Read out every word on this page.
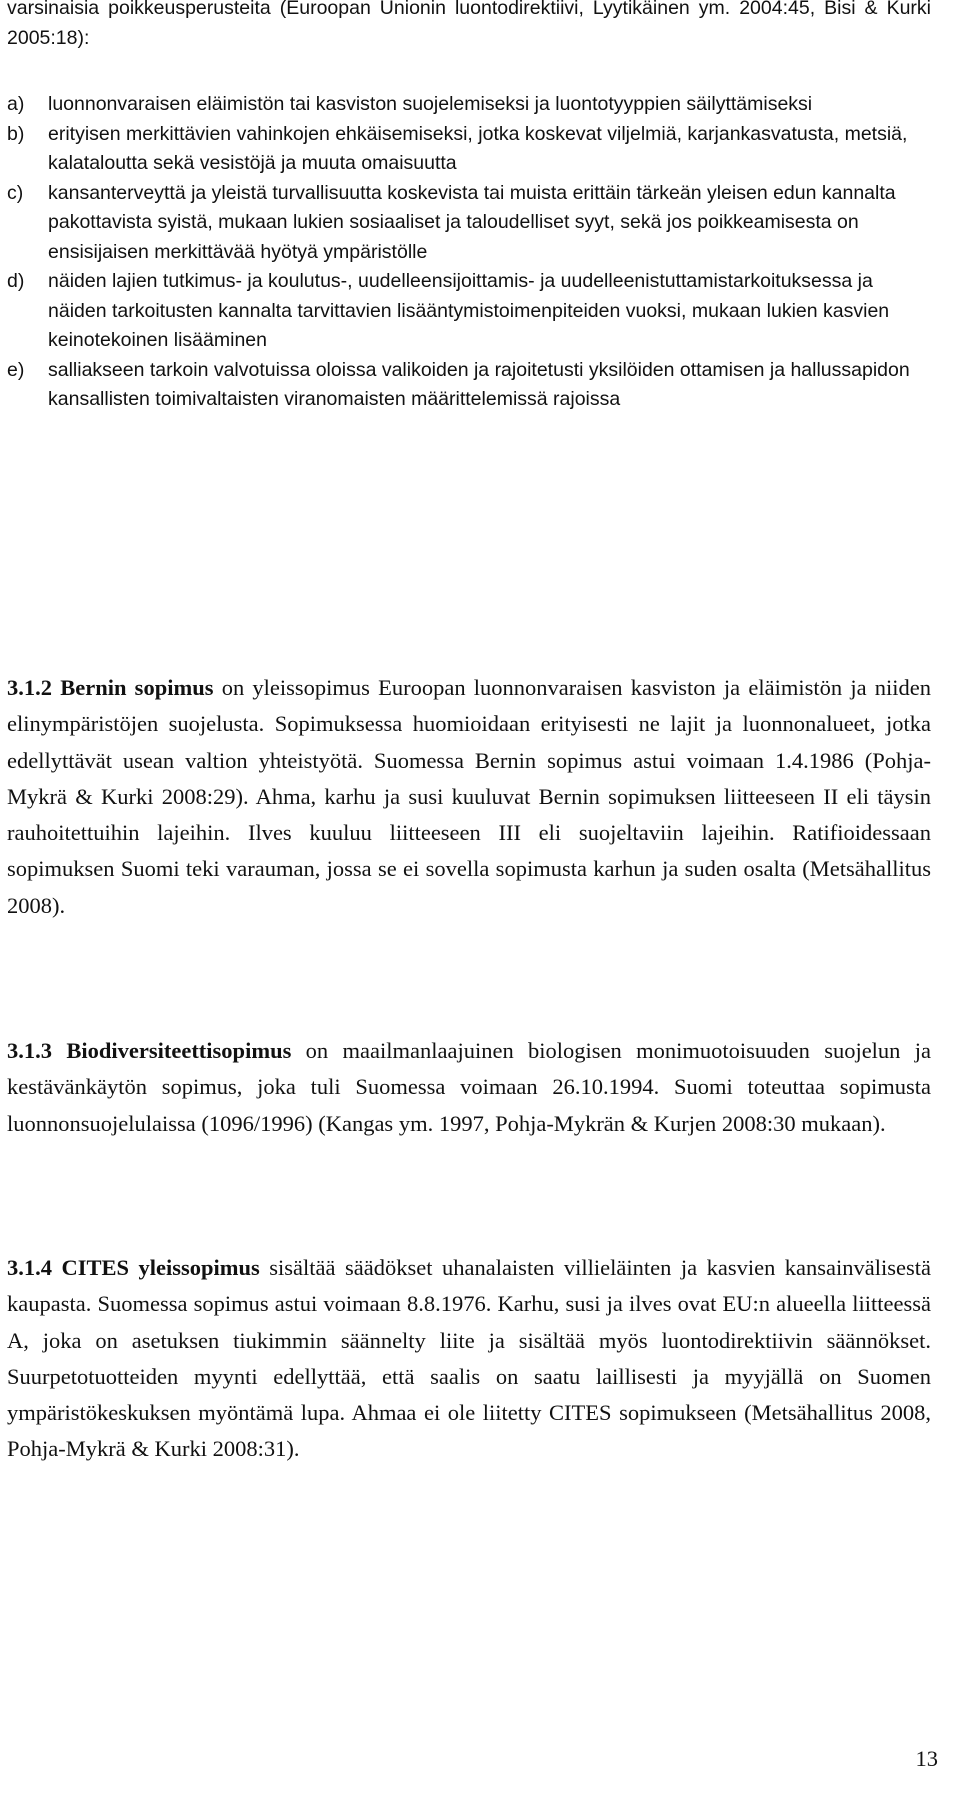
varsinaisia poikkeusperusteita (Euroopan Unionin luontodirektiivi, Lyytikäinen ym. 2004:45, Bisi & Kurki 2005:18):

a)	luonnonvaraisen eläimistön tai kasviston suojelemiseksi ja luontotyyppien säilyttämiseksi
b)	erityisen merkittävien vahinkojen ehkäisemiseksi, jotka koskevat viljelmiä, karjankasvatusta, metsiä, kalataloutta sekä vesistöjä ja muuta omaisuutta
c)	kansanterveyttä ja yleistä turvallisuutta koskevista tai muista erittäin tärkeän yleisen edun kannalta pakottavista syistä, mukaan lukien sosiaaliset ja taloudelliset syyt, sekä jos poikkeamisesta on ensisijaisen merkittävää hyötyä ympäristölle
d)	näiden lajien tutkimus- ja koulutus-, uudelleensijoittamis- ja uudelleenistuttamistarkoituksessa ja näiden tarkoitusten kannalta tarvittavien lisääntymistoimenpiteiden vuoksi, mukaan lukien kasvien keinotekoinen lisääminen
e)	salliakseen tarkoin valvotuissa oloissa valikoiden ja rajoitetusti yksilöiden ottamisen ja hallussapidon kansallisten toimivaltaisten viranomaisten määrittelemissä rajoissa

3.1.2 Bernin sopimus on yleissopimus Euroopan luonnonvaraisen kasviston ja eläimistön ja niiden elinympäristöjen suojelusta. Sopimuksessa huomioidaan erityisesti ne lajit ja luonnonalueet, jotka edellyttävät usean valtion yhteistyötä. Suomessa Bernin sopimus astui voimaan 1.4.1986 (Pohja-Mykrä & Kurki 2008:29). Ahma, karhu ja susi kuuluvat Bernin sopimuksen liitteeseen II eli täysin rauhoitettuihin lajeihin. Ilves kuuluu liitteeseen III eli suojeltaviin lajeihin. Ratifioidessaan sopimuksen Suomi teki varauman, jossa se ei sovella sopimusta karhun ja suden osalta (Metsähallitus 2008).

3.1.3 Biodiversiteettisopimus on maailmanlaajuinen biologisen monimuotoisuuden suojelun ja kestävänkäytön sopimus, joka tuli Suomessa voimaan 26.10.1994. Suomi toteuttaa sopimusta luonnonsuojelulaissa (1096/1996) (Kangas ym. 1997, Pohja-Mykrän & Kurjen 2008:30 mukaan).

3.1.4 CITES yleissopimus sisältää säädökset uhanalaisten villieläinten ja kasvien kansainvälisestä kaupasta. Suomessa sopimus astui voimaan 8.8.1976. Karhu, susi ja ilves ovat EU:n alueella liitteessä A, joka on asetuksen tiukimmin säännelty liite ja sisältää myös luontodirektiivin säännökset. Suurpetotuotteiden myynti edellyttää, että saalis on saatu laillisesti ja myyjällä on Suomen ympäristökeskuksen myöntämä lupa. Ahmaa ei ole liitetty CITES sopimukseen (Metsähallitus 2008, Pohja-Mykrä & Kurki 2008:31).

13
